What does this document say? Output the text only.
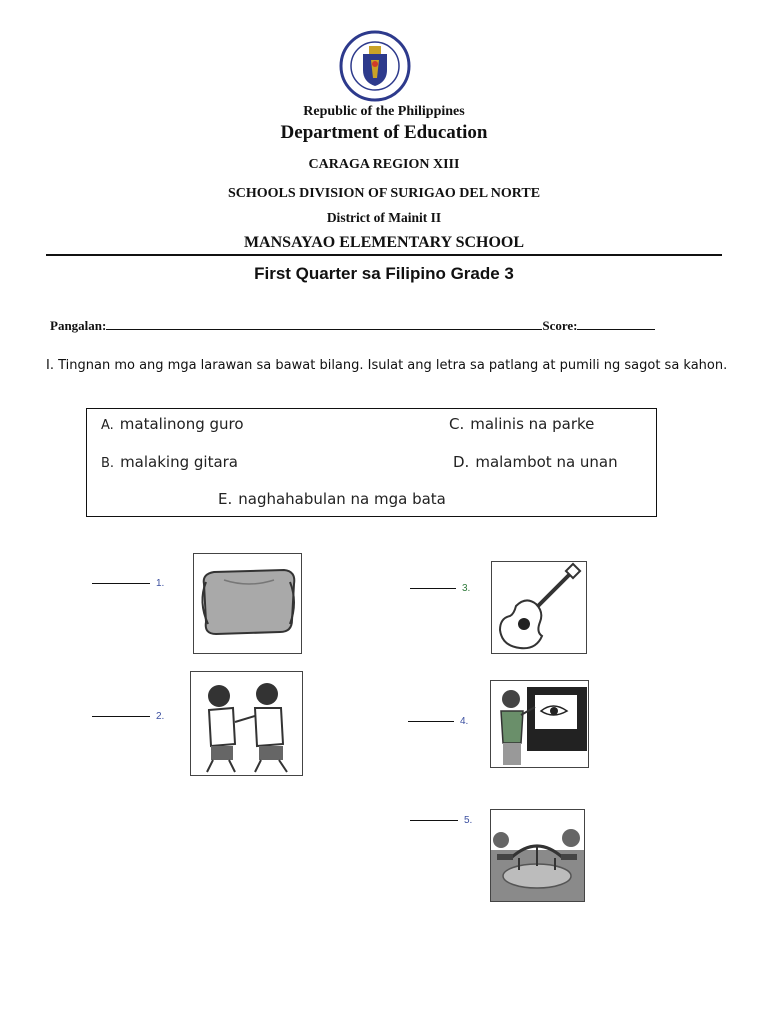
Republic of the Philippines
Department of Education
CARAGA REGION XIII
SCHOOLS DIVISION OF SURIGAO DEL NORTE
District of Mainit II
MANSAYAO ELEMENTARY SCHOOL
First Quarter sa Filipino Grade 3
Pangalan:	Score:
I. Tingnan mo ang mga larawan sa bawat bilang. Isulat ang letra sa patlang at pumili ng sagot sa kahon.
A. matalinong guro
B. malaking gitara
C. malinis na parke
D. malambot na unan
E. naghahabulan na mga bata
1.
2.
3.
4.
5.
